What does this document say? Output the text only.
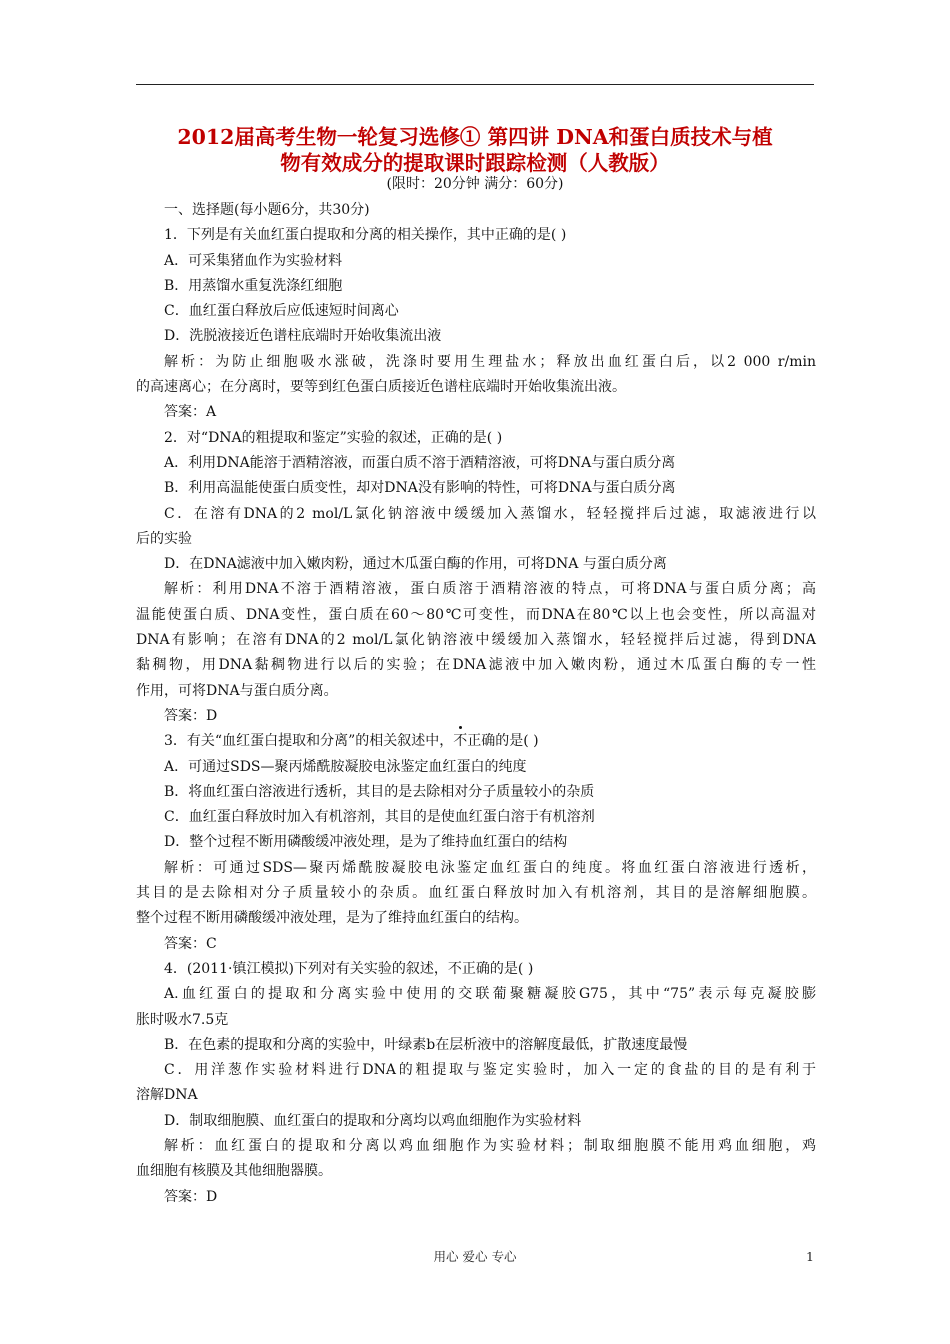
2012届高考生物一轮复习选修① 第四讲 DNA和蛋白质技术与植
物有效成分的提取课时跟踪检测（人教版）
(限时：20分钟 满分：60分)
一、选择题(每小题6分，共30分)
1．下列是有关血红蛋白提取和分离的相关操作，其中正确的是( )
A．可采集猪血作为实验材料
B．用蒸馏水重复洗涤红细胞
C．血红蛋白释放后应低速短时间离心
D．洗脱液接近色谱柱底端时开始收集流出液
解析：为防止细胞吸水涨破，洗涤时要用生理盐水；释放出血红蛋白后，以2 000 r/min
的高速离心；在分离时，要等到红色蛋白质接近色谱柱底端时开始收集流出液。
答案：A
2．对“DNA的粗提取和鉴定”实验的叙述，正确的是( )
A．利用DNA能溶于酒精溶液，而蛋白质不溶于酒精溶液，可将DNA与蛋白质分离
B．利用高温能使蛋白质变性，却对DNA没有影响的特性，可将DNA与蛋白质分离
C．在溶有DNA的2 mol/L氯化钠溶液中缓缓加入蒸馏水，轻轻搅拌后过滤，取滤液进行以
后的实验
D．在DNA滤液中加入嫩肉粉，通过木瓜蛋白酶的作用，可将DNA 与蛋白质分离
解析：利用DNA不溶于酒精溶液，蛋白质溶于酒精溶液的特点，可将DNA与蛋白质分离；高
温能使蛋白质、DNA变性，蛋白质在60～80℃可变性，而DNA在80℃以上也会变性，所以高温对
DNA有影响；在溶有DNA的2 mol/L氯化钠溶液中缓缓加入蒸馏水，轻轻搅拌后过滤，得到DNA
黏稠物，用DNA黏稠物进行以后的实验；在DNA滤液中加入嫩肉粉，通过木瓜蛋白酶的专一性
作用，可将DNA与蛋白质分离。
答案：D
3．有关“血红蛋白提取和分离”的相关叙述中，不正确的是( )
A．可通过SDS—聚丙烯酰胺凝胶电泳鉴定血红蛋白的纯度
B．将血红蛋白溶液进行透析，其目的是去除相对分子质量较小的杂质
C．血红蛋白释放时加入有机溶剂，其目的是使血红蛋白溶于有机溶剂
D．整个过程不断用磷酸缓冲液处理，是为了维持血红蛋白的结构
解析：可通过SDS—聚丙烯酰胺凝胶电泳鉴定血红蛋白的纯度。将血红蛋白溶液进行透析，
其目的是去除相对分子质量较小的杂质。血红蛋白释放时加入有机溶剂，其目的是溶解细胞膜。
整个过程不断用磷酸缓冲液处理，是为了维持血红蛋白的结构。
答案：C
4．(2011·镇江模拟)下列对有关实验的叙述，不正确的是( )
A.血红蛋白的提取和分离实验中使用的交联葡聚糖凝胶G75，其中“75”表示每克凝胶膨
胀时吸水7.5克
B．在色素的提取和分离的实验中，叶绿素b在层析液中的溶解度最低，扩散速度最慢
C．用洋葱作实验材料进行DNA的粗提取与鉴定实验时，加入一定的食盐的目的是有利于
溶解DNA
D．制取细胞膜、血红蛋白的提取和分离均以鸡血细胞作为实验材料
解析：血红蛋白的提取和分离以鸡血细胞作为实验材料；制取细胞膜不能用鸡血细胞，鸡
血细胞有核膜及其他细胞器膜。
答案：D
用心 爱心 专心	1
